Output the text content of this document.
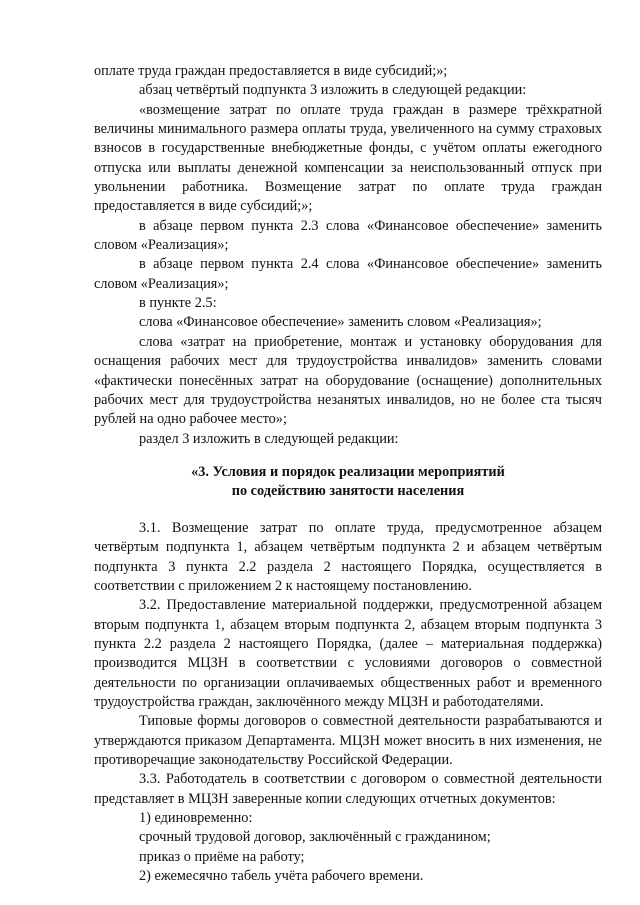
оплате труда граждан предоставляется в виде субсидий;»;

абзац четвёртый подпункта 3 изложить в следующей редакции:

«возмещение затрат по оплате труда граждан в размере трёхкратной величины минимального размера оплаты труда, увеличенного на сумму страховых взносов в государственные внебюджетные фонды, с учётом оплаты ежегодного отпуска или выплаты денежной компенсации за неиспользованный отпуск при увольнении работника. Возмещение затрат по оплате труда граждан предоставляется в виде субсидий;»;

в абзаце первом пункта 2.3 слова «Финансовое обеспечение» заменить словом «Реализация»;

в абзаце первом пункта 2.4 слова «Финансовое обеспечение» заменить словом «Реализация»;

в пункте 2.5:

слова «Финансовое обеспечение» заменить словом «Реализация»;

слова «затрат на приобретение, монтаж и установку оборудования для оснащения рабочих мест для трудоустройства инвалидов» заменить словами «фактически понесённых затрат на оборудование (оснащение) дополнительных рабочих мест для трудоустройства незанятых инвалидов, но не более ста тысяч рублей на одно рабочее место»;

раздел 3 изложить в следующей редакции:

«3. Условия и порядок реализации мероприятий
по содействию занятости населения

3.1. Возмещение затрат по оплате труда, предусмотренное абзацем четвёртым подпункта 1, абзацем четвёртым подпункта 2 и абзацем четвёртым подпункта 3 пункта 2.2 раздела 2 настоящего Порядка, осуществляется в соответствии с приложением 2 к настоящему постановлению.

3.2. Предоставление материальной поддержки, предусмотренной абзацем вторым подпункта 1, абзацем вторым подпункта 2, абзацем вторым подпункта 3 пункта 2.2 раздела 2 настоящего Порядка, (далее – материальная поддержка) производится МЦЗН в соответствии с условиями договоров о совместной деятельности по организации оплачиваемых общественных работ и временного трудоустройства граждан, заключённого между МЦЗН и работодателями.

Типовые формы договоров о совместной деятельности разрабатываются и утверждаются приказом Департамента. МЦЗН может вносить в них изменения, не противоречащие законодательству Российской Федерации.

3.3. Работодатель в соответствии с договором о совместной деятельности представляет в МЦЗН заверенные копии следующих отчетных документов:

1) единовременно:

срочный трудовой договор, заключённый с гражданином;

приказ о приёме на работу;

2) ежемесячно табель учёта рабочего времени.
